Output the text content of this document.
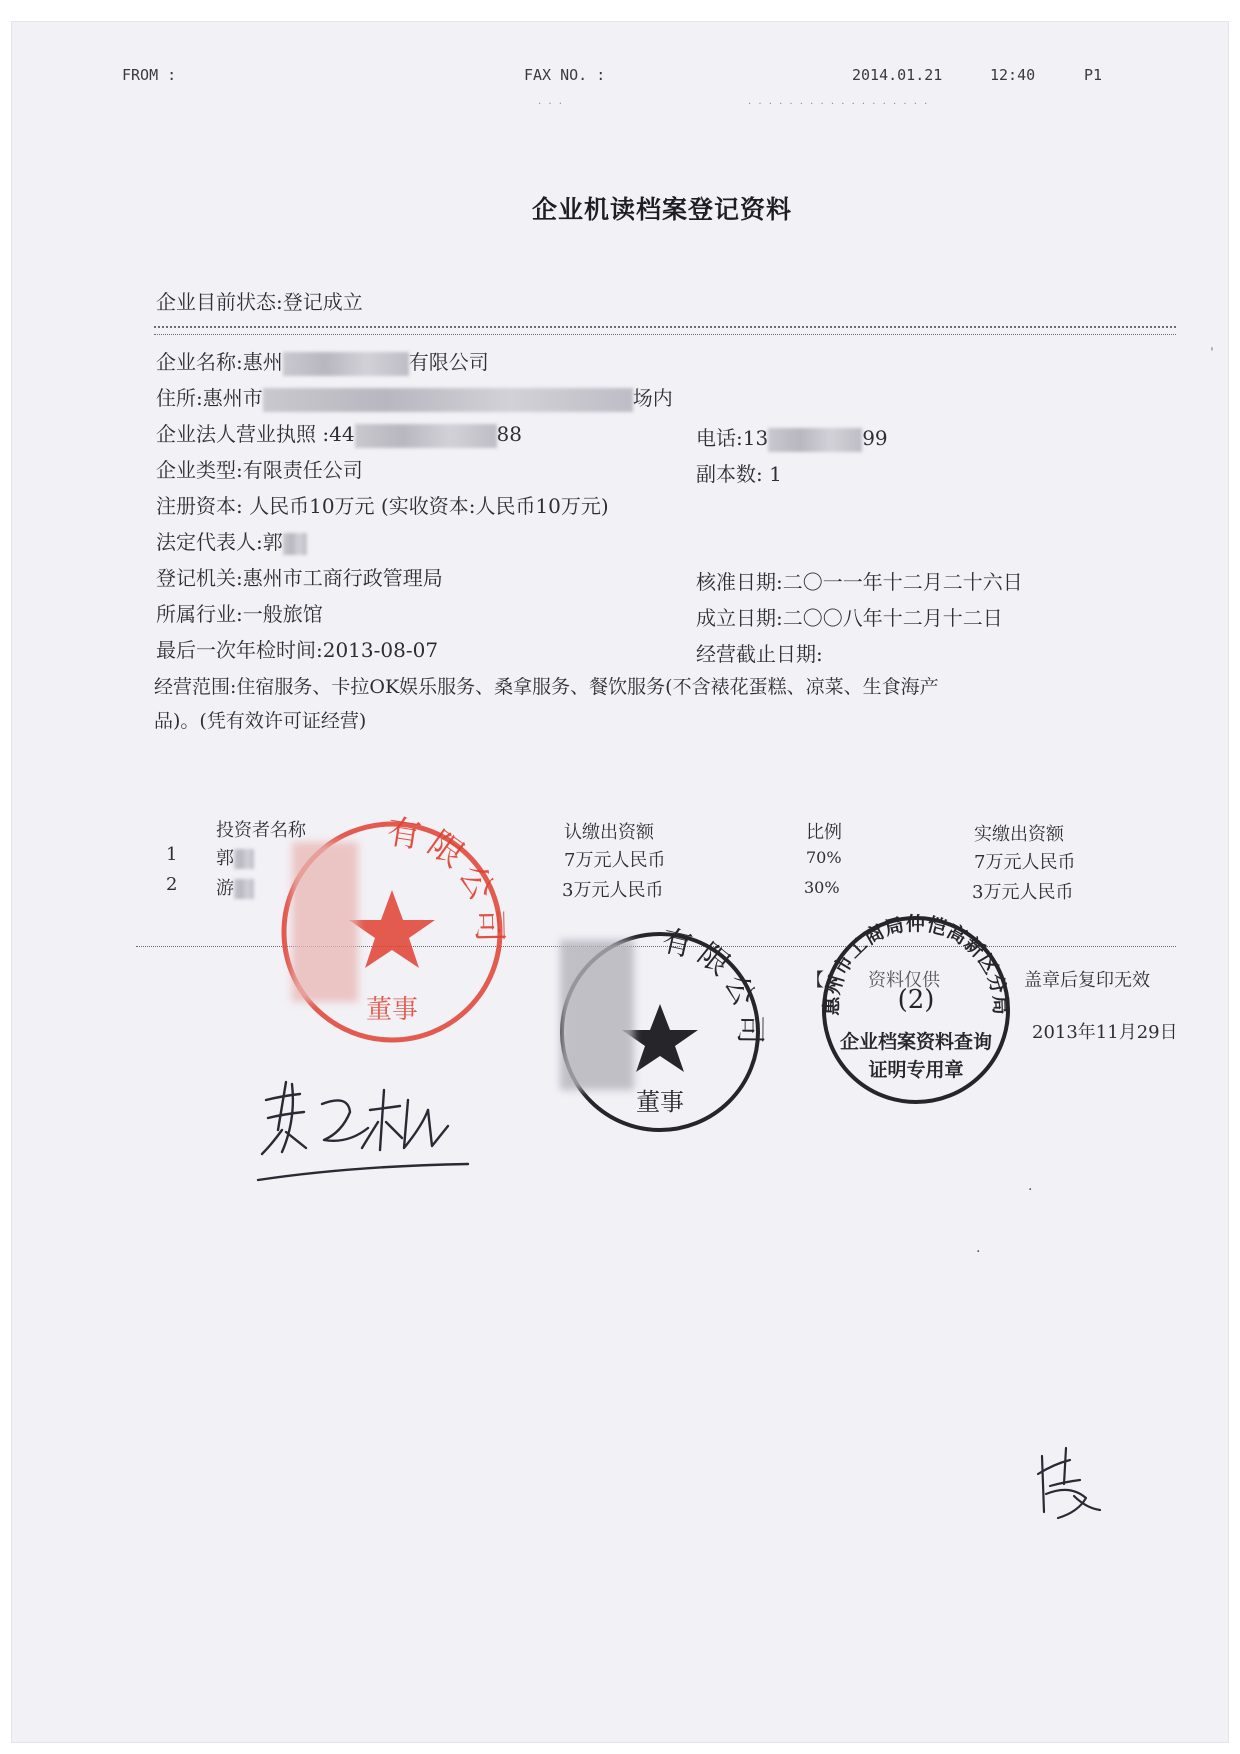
FROM :	FAX NO. :	2014.01.21	12:40	P1
. . .	. . . . . . . . . . . . . . . . . .
企业机读档案登记资料
企业目前状态:登记成立
企业名称:惠州	有限公司
住所:惠州市	场内
企业法人营业执照 :44	88	电话:13	99
企业类型:有限责任公司	副本数: 1
注册资本: 人民币10万元 (实收资本:人民币10万元)
法定代表人:郭
登记机关:惠州市工商行政管理局	核准日期:二〇一一年十二月二十六日
所属行业:一般旅馆	成立日期:二〇〇八年十二月十二日
最后一次年检时间:2013-08-07	经营截止日期:
经营范围:住宿服务、卡拉OK娱乐服务、桑拿服务、餐饮服务(不含裱花蛋糕、凉菜、生食海产
品)。(凭有效许可证经营)
投资者名称	认缴出资额	比例	实缴出资额
1 郭	7万元人民币	70%	7万元人民币
2 游	3万元人民币	30%	3万元人民币
【 资料仅供	盖章后复印无效
2013年11月29日
有限公司
董事
有限公司
董事
惠州市工商局仲恺高新区分局
(2)
企业档案资料查询
证明专用章
ˈ
.
.
